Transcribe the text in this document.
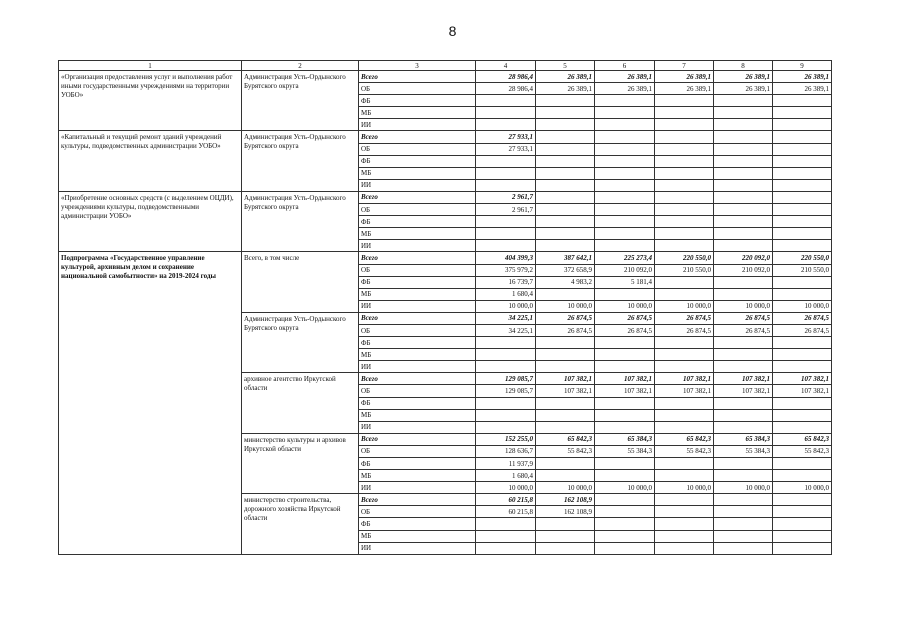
8
1	2	3	4	5	6	7	8	9
«Организация предоставления услуг и выполнения работ иными государственными учреждениями на территории УОБО»	Администрация Усть-Ордынского Бурятского округа	Всего	28 986,4	26 389,1	26 389,1	26 389,1	26 389,1	26 389,1
		ОБ	28 986,4	26 389,1	26 389,1	26 389,1	26 389,1	26 389,1
		ФБ						
		МБ						
		ИИ						
«Капитальный и текущий ремонт зданий учреждений культуры, подведомственных администрации УОБО»	Администрация Усть-Ордынского Бурятского округа	Всего	27 933,1					
		ОБ	27 933,1					
		ФБ						
		МБ						
		ИИ						
«Приобретение основных средств (с выделением ОЦДИ), учреждениями культуры, подведомственными администрации УОБО»	Администрация Усть-Ордынского Бурятского округа	Всего	2 961,7					
		ОБ	2 961,7					
		ФБ						
		МБ						
		ИИ						
Подпрограмма «Государственное управление культурой, архивным делом и сохранение национальной самобытности» на 2019-2024 годы	Всего, в том числе	Всего	404 399,3	387 642,1	225 273,4	220 550,0	220 092,0	220 550,0
		ОБ	375 979,2	372 658,9	210 092,0	210 550,0	210 092,0	210 550,0
		ФБ	16 739,7	4 983,2	5 181,4			
		МБ	1 680,4					
		ИИ	10 000,0	10 000,0	10 000,0	10 000,0	10 000,0	10 000,0
	Администрация Усть-Ордынского Бурятского округа	Всего	34 225,1	26 874,5	26 874,5	26 874,5	26 874,5	26 874,5
		ОБ	34 225,1	26 874,5	26 874,5	26 874,5	26 874,5	26 874,5
		ФБ						
		МБ						
		ИИ						
	архивное агентство Иркутской области	Всего	129 085,7	107 382,1	107 382,1	107 382,1	107 382,1	107 382,1
		ОБ	129 085,7	107 382,1	107 382,1	107 382,1	107 382,1	107 382,1
		ФБ						
		МБ						
		ИИ						
	министерство культуры и архивов Иркутской области	Всего	152 255,0	65 842,3	65 384,3	65 842,3	65 384,3	65 842,3
		ОБ	128 636,7	55 842,3	55 384,3	55 842,3	55 384,3	55 842,3
		ФБ	11 937,9					
		МБ	1 680,4					
		ИИ	10 000,0	10 000,0	10 000,0	10 000,0	10 000,0	10 000,0
	министерство строительства, дорожного хозяйства Иркутской области	Всего	60 215,8	162 108,9				
		ОБ	60 215,8	162 108,9				
		ФБ						
		МБ						
		ИИ						
